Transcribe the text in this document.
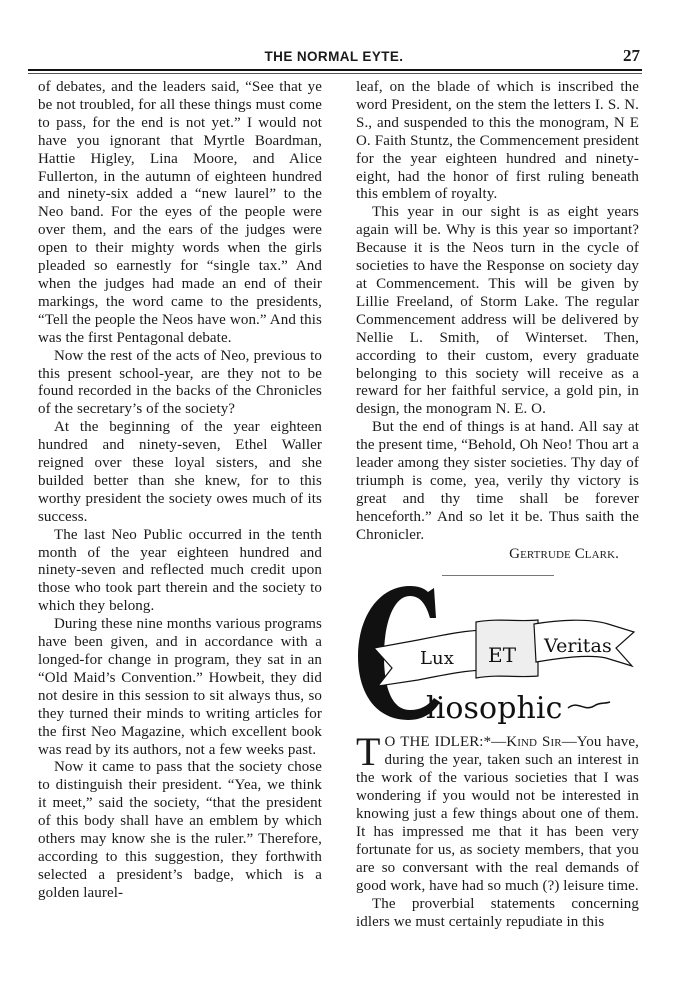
THE NORMAL EYTE.	27

of debates, and the leaders said, “See that ye be not troubled, for all these things must come to pass, for the end is not yet.” I would not have you ignorant that Myrtle Boardman, Hattie Higley, Lina Moore, and Alice Fullerton, in the autumn of eighteen hundred and ninety-six added a “new laurel” to the Neo band. For the eyes of the people were over them, and the ears of the judges were open to their mighty words when the girls pleaded so earnestly for “single tax.” And when the judges had made an end of their markings, the word came to the presidents, “Tell the people the Neos have won.” And this was the first Pentagonal debate.

Now the rest of the acts of Neo, previous to this present school-year, are they not to be found recorded in the backs of the Chronicles of the secretary’s of the society?

At the beginning of the year eighteen hundred and ninety-seven, Ethel Waller reigned over these loyal sisters, and she builded better than she knew, for to this worthy president the society owes much of its success.

The last Neo Public occurred in the tenth month of the year eighteen hundred and ninety-seven and reflected much credit upon those who took part therein and the society to which they belong.

During these nine months various programs have been given, and in accordance with a longed-for change in program, they sat in an “Old Maid’s Convention.” Howbeit, they did not desire in this session to sit always thus, so they turned their minds to writing articles for the first Neo Magazine, which excellent book was read by its authors, not a few weeks past.

Now it came to pass that the society chose to distinguish their president. “Yea, we think it meet,” said the society, “that the president of this body shall have an emblem by which others may know she is the ruler.” Therefore, according to this suggestion, they forthwith selected a president’s badge, which is a golden laurel-

leaf, on the blade of which is inscribed the word President, on the stem the letters I. S. N. S., and suspended to this the monogram, N E O. Faith Stuntz, the Commencement president for the year eighteen hundred and ninety-eight, had the honor of first ruling beneath this emblem of royalty.

This year in our sight is as eight years again will be. Why is this year so important? Because it is the Neos turn in the cycle of societies to have the Response on society day at Commencement. This will be given by Lillie Freeland, of Storm Lake. The regular Commencement address will be delivered by Nellie L. Smith, of Winterset. Then, according to their custom, every graduate belonging to this society will receive as a reward for her faithful service, a gold pin, in design, the monogram N. E. O.

But the end of things is at hand. All say at the present time, “Behold, Oh Neo! Thou art a leader among they sister societies. Thy day of triumph is come, yea, verily thy victory is great and thy time shall be forever henceforth.” And so let it be. Thus saith the Chronicler.

Gertrude Clark.

Lux ET Veritas
liosophic

T O THE IDLER:*—Kind Sir—You have, during the year, taken such an interest in the work of the various societies that I was wondering if you would not be interested in knowing just a few things about one of them. It has impressed me that it has been very fortunate for us, as society members, that you are so conversant with the real demands of good work, have had so much (?) leisure time.

The proverbial statements concerning idlers we must certainly repudiate in this
